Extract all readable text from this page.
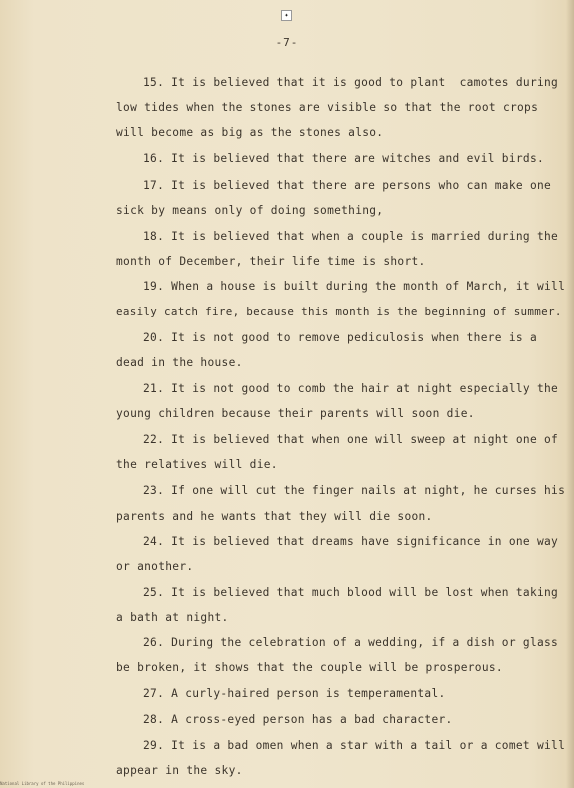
✦
-7-
15. It is believed that it is good to plant  camotes during
low tides when the stones are visible so that the root crops
will become as big as the stones also.
16. It is believed that there are witches and evil birds.
17. It is believed that there are persons who can make one
sick by means only of doing something,
18. It is believed that when a couple is married during the
month of December, their life time is short.
19. When a house is built during the month of March, it will
easily catch fire, because this month is the beginning of summer.
20. It is not good to remove pediculosis when there is a
dead in the house.
21. It is not good to comb the hair at night especially the
young children because their parents will soon die.
22. It is believed that when one will sweep at night one of
the relatives will die.
23. If one will cut the finger nails at night, he curses his
parents and he wants that they will die soon.
24. It is believed that dreams have significance in one way
or another.
25. It is believed that much blood will be lost when taking
a bath at night.
26. During the celebration of a wedding, if a dish or glass
be broken, it shows that the couple will be prosperous.
27. A curly-haired person is temperamental.
28. A cross-eyed person has a bad character.
29. It is a bad omen when a star with a tail or a comet will
appear in the sky.
National Library of the Philippines
